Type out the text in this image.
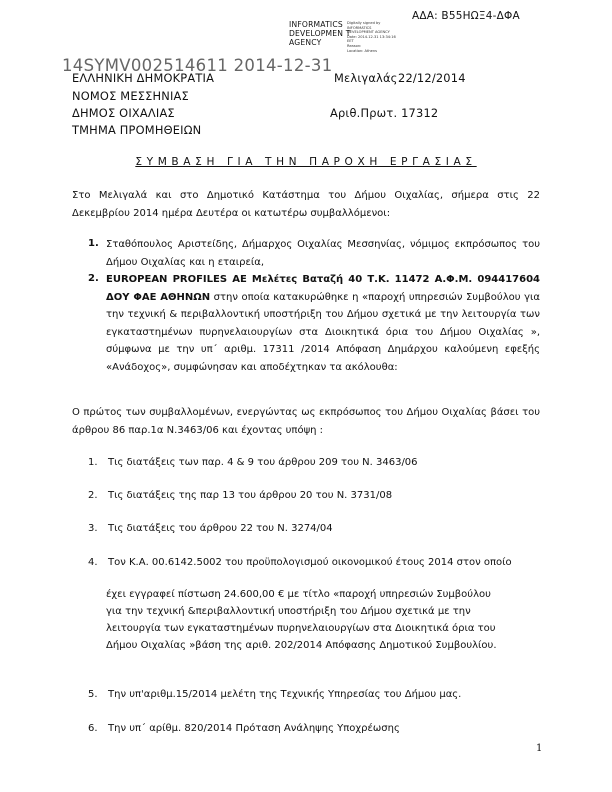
ΑΔΑ: Β55ΗΩΞ4-ΔΦΑ
INFORMATICS DEVELOPMEN T AGENCY
Digitally signed by
INFORMATICS
DEVELOPMENT AGENCY
Date: 2014.12.31 13:34:16
EET
Reason:
Location: Athens
14SYMV002514611 2014-12-31
ΕΛΛΗΝΙΚΗ ΔΗΜΟΚΡΑΤΙΑ
ΝΟΜΟΣ ΜΕΣΣΗΝΙΑΣ
ΔΗΜΟΣ ΟΙΧΑΛΙΑΣ
ΤΜΗΜΑ ΠΡΟΜΗΘΕΙΩΝ
Μελιγαλάς 22/12/2014
Αριθ.Πρωτ. 17312
ΣΥΜΒΑΣΗ ΓΙΑ ΤΗΝ ΠΑΡΟΧΗ ΕΡΓΑΣΙΑΣ
Στο Μελιγαλά και στο Δημοτικό Κατάστημα του Δήμου Οιχαλίας, σήμερα στις 22 Δεκεμβρίου 2014 ημέρα Δευτέρα οι κατωτέρω συμβαλλόμενοι:
1. Σταθόπουλος Αριστείδης, Δήμαρχος Οιχαλίας Μεσσηνίας, νόμιμος εκπρόσωπος του Δήμου Οιχαλίας και η εταιρεία,
2. EUROPEAN PROFILES AE Μελέτες Βαταζή 40 Τ.Κ. 11472 Α.Φ.Μ. 094417604 ΔΟΥ ΦΑΕ ΑΘΗΝΩΝ στην οποία κατακυρώθηκε η «παροχή υπηρεσιών Συμβούλου για την τεχνική & περιβαλλοντική υποστήριξη του Δήμου σχετικά με την λειτουργία των εγκαταστημένων πυρηνελαιουργίων στα Διοικητικά όρια του Δήμου Οιχαλίας », σύμφωνα με την υπ΄ αριθμ. 17311 /2014 Απόφαση Δημάρχου καλούμενη εφεξής «Ανάδοχος», συμφώνησαν και αποδέχτηκαν τα ακόλουθα:
Ο πρώτος των συμβαλλομένων, ενεργώντας ως εκπρόσωπος του Δήμου Οιχαλίας βάσει του άρθρου 86 παρ.1α Ν.3463/06 και έχοντας υπόψη :
1. Τις διατάξεις των παρ. 4 & 9 του άρθρου 209 του Ν. 3463/06
2. Τις διατάξεις της παρ 13 του άρθρου 20 του Ν. 3731/08
3. Τις διατάξεις του άρθρου 22 του Ν. 3274/04
4. Τον Κ.Α. 00.6142.5002 του προϋπολογισμού οικονομικού έτους 2014 στον οποίο
έχει εγγραφεί πίστωση 24.600,00 € με τίτλο «παροχή υπηρεσιών Συμβούλου για την τεχνική &περιβαλλοντική υποστήριξη του Δήμου σχετικά με την λειτουργία των εγκαταστημένων πυρηνελαιουργίων στα Διοικητικά όρια του Δήμου Οιχαλίας »βάση της αριθ. 202/2014 Απόφασης Δημοτικού Συμβουλίου.
5. Την υπ'αριθμ.15/2014 μελέτη της Τεχνικής Υπηρεσίας του Δήμου μας.
6. Την υπ΄ αρίθμ. 820/2014 Πρόταση Ανάληψης Υποχρέωσης
1
